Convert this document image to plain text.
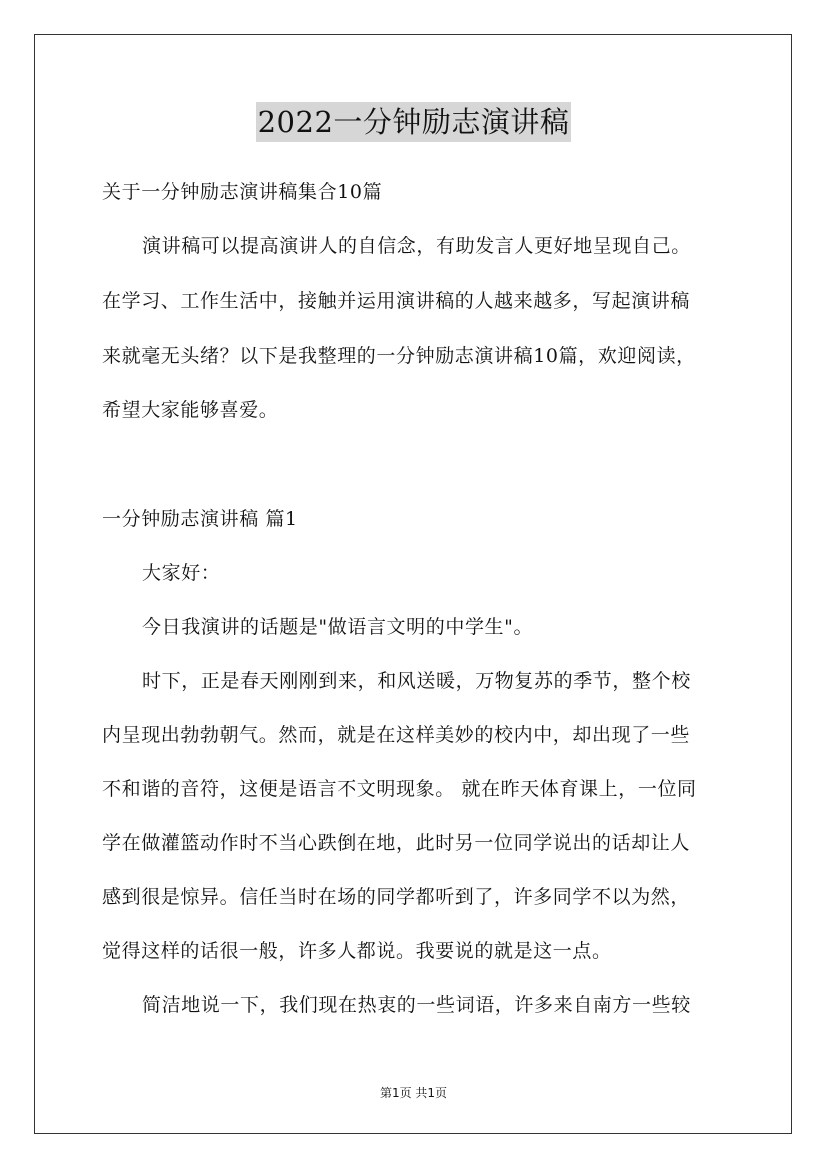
2022一分钟励志演讲稿
关于一分钟励志演讲稿集合10篇
演讲稿可以提高演讲人的自信念，有助发言人更好地呈现自己。
在学习、工作生活中，接触并运用演讲稿的人越来越多，写起演讲稿
来就毫无头绪？以下是我整理的一分钟励志演讲稿10篇，欢迎阅读，
希望大家能够喜爱。
一分钟励志演讲稿 篇1
大家好：
今日我演讲的话题是"做语言文明的中学生"。
时下，正是春天刚刚到来，和风送暖，万物复苏的季节，整个校
内呈现出勃勃朝气。然而，就是在这样美妙的校内中，却出现了一些
不和谐的音符，这便是语言不文明现象。 就在昨天体育课上，一位同
学在做灌篮动作时不当心跌倒在地，此时另一位同学说出的话却让人
感到很是惊异。信任当时在场的同学都听到了，许多同学不以为然，
觉得这样的话很一般，许多人都说。我要说的就是这一点。
简洁地说一下，我们现在热衷的一些词语，许多来自南方一些较
第1页 共1页
